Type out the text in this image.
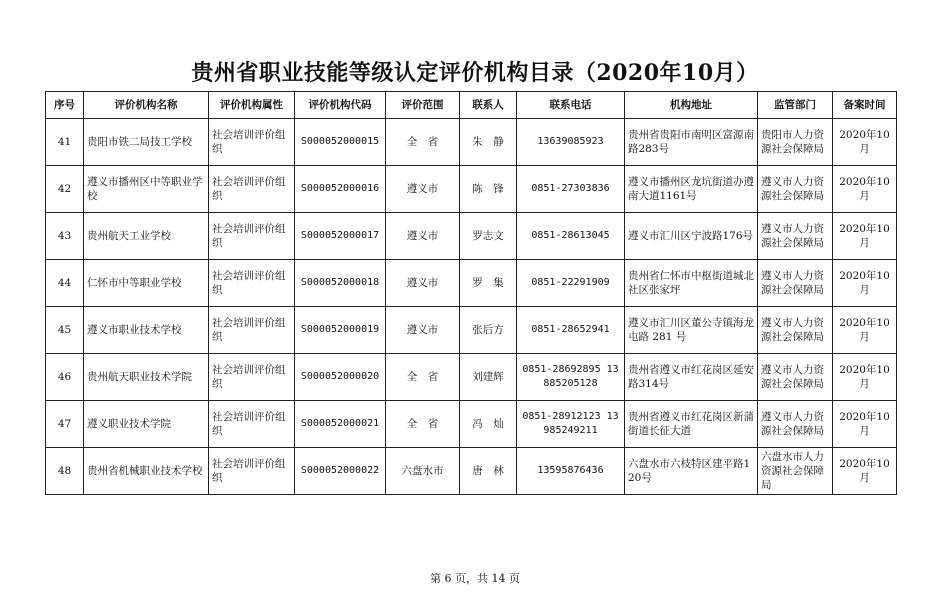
贵州省职业技能等级认定评价机构目录（2020年10月）
序号	评价机构名称	评价机构属性	评价机构代码	评价范围	联系人	联系电话	机构地址	监管部门	备案时间
41	贵阳市铁二局技工学校	社会培训评价组织	S000052000015	全　省	朱　静	13639085923	贵州省贵阳市南明区富源南路283号	贵阳市人力资源社会保障局	2020年10月
42	遵义市播州区中等职业学校	社会培训评价组织	S000052000016	遵义市	陈　锋	0851-27303836	遵义市播州区龙坑街道办遵南大道1161号	遵义市人力资源社会保障局	2020年10月
43	贵州航天工业学校	社会培训评价组织	S000052000017	遵义市	罗志文	0851-28613045	遵义市汇川区宁波路176号	遵义市人力资源社会保障局	2020年10月
44	仁怀市中等职业学校	社会培训评价组织	S000052000018	遵义市	罗　集	0851-22291909	贵州省仁怀市中枢街道城北社区张家坪	遵义市人力资源社会保障局	2020年10月
45	遵义市职业技术学校	社会培训评价组织	S000052000019	遵义市	张后方	0851-28652941	遵义市汇川区董公寺镇海龙屯路 281 号	遵义市人力资源社会保障局	2020年10月
46	贵州航天职业技术学院	社会培训评价组织	S000052000020	全　省	刘建辉	0851-28692895 13885205128	贵州省遵义市红花岗区延安路314号	遵义市人力资源社会保障局	2020年10月
47	遵义职业技术学院	社会培训评价组织	S000052000021	全　省	冯　灿	0851-28912123 13985249211	贵州省遵义市红花岗区新蒲街道长征大道	遵义市人力资源社会保障局	2020年10月
48	贵州省机械职业技术学校	社会培训评价组织	S000052000022	六盘水市	唐　林	13595876436	六盘水市六枝特区建平路120号	六盘水市人力资源社会保障局	2020年10月
第 6 页，共 14 页
